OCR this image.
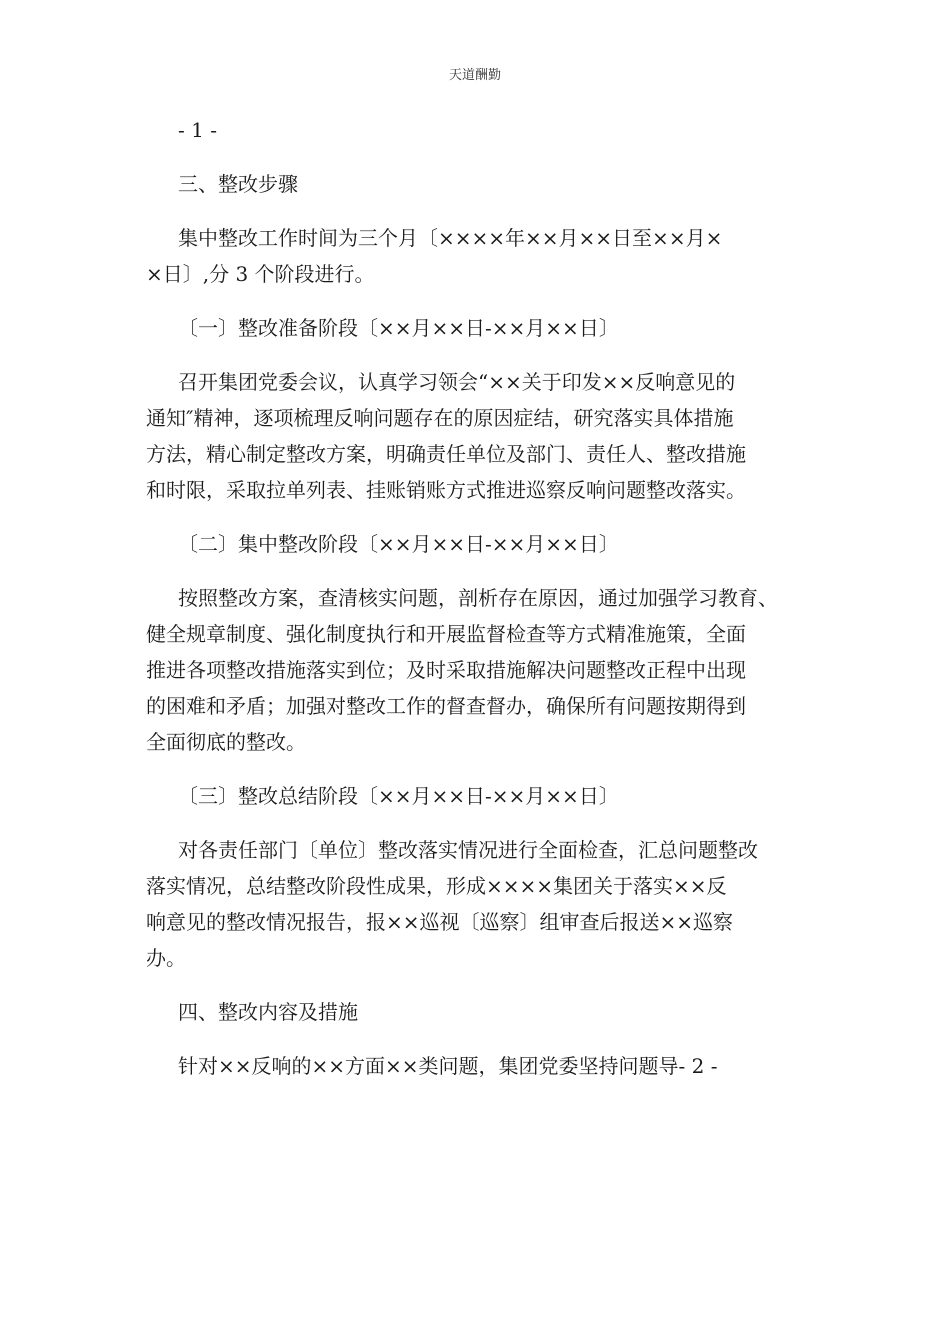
天道酬勤

- 1 -

三、整改步骤

集中整改工作时间为三个月〔××××年××月××日至××月×

×日〕,分 3 个阶段进行。

〔一〕整改准备阶段〔××月××日-××月××日〕

召开集团党委会议，认真学习领会“××关于印发××反响意见的

通知″精神，逐项梳理反响问题存在的原因症结，研究落实具体措施

方法，精心制定整改方案，明确责任单位及部门、责任人、整改措施

和时限，采取拉单列表、挂账销账方式推进巡察反响问题整改落实。

〔二〕集中整改阶段〔××月××日-××月××日〕

按照整改方案，查清核实问题，剖析存在原因，通过加强学习教育、

健全规章制度、强化制度执行和开展监督检查等方式精准施策，全面

推进各项整改措施落实到位；及时采取措施解决问题整改正程中出现

的困难和矛盾；加强对整改工作的督查督办，确保所有问题按期得到

全面彻底的整改。

〔三〕整改总结阶段〔××月××日-××月××日〕

对各责任部门〔单位〕整改落实情况进行全面检查，汇总问题整改

落实情况，总结整改阶段性成果，形成××××集团关于落实××反

响意见的整改情况报告，报××巡视〔巡察〕组审查后报送××巡察

办。

四、整改内容及措施

针对××反响的××方面××类问题，集团党委坚持问题导- 2 -
